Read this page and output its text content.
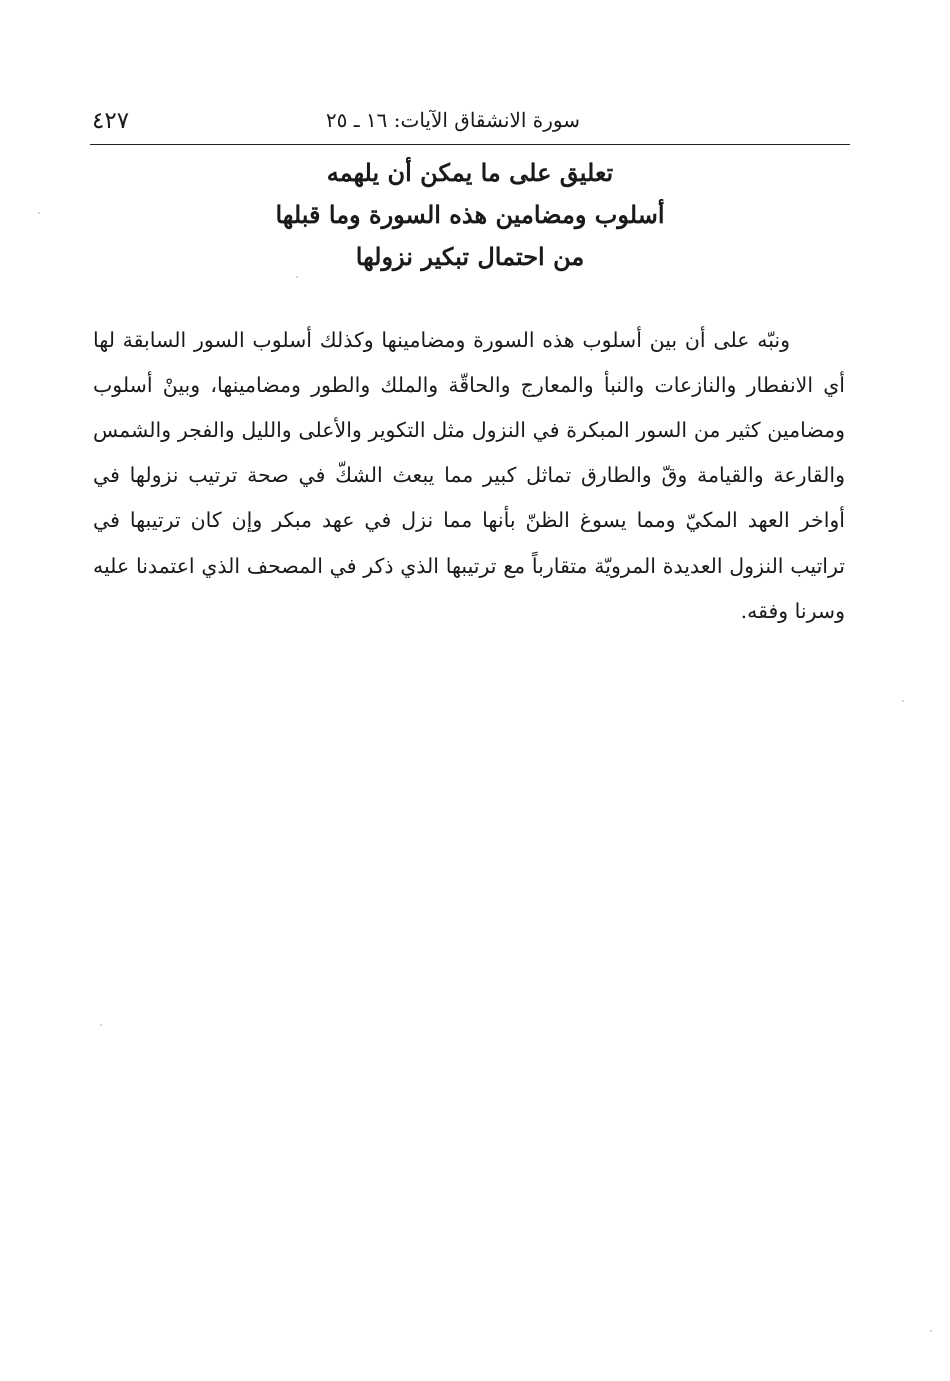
سورة الانشقاق الآيات: ١٦ ـ ٢٥
٤٢٧
تعليق على ما يمكن أن يلهمه
أسلوب ومضامين هذه السورة وما قبلها
من احتمال تبكير نزولها

ونبّه على أن بين أسلوب هذه السورة ومضامينها وكذلك أسلوب السور السابقة لها أي الانفطار والنازعات والنبأ والمعارج والحاقّة والملك والطور ومضامينها، وبينْ أسلوب ومضامين كثير من السور المبكرة في النزول مثل التكوير والأعلى والليل والفجر والشمس والقارعة والقيامة وقّ والطارق تماثل كبير مما يبعث الشكّ في صحة ترتيب نزولها في أواخر العهد المكيّ ومما يسوغ الظنّ بأنها مما نزل في عهد مبكر وإن كان ترتيبها في تراتيب النزول العديدة المرويّة متقارباً مع ترتيبها الذي ذكر في المصحف الذي اعتمدنا عليه وسرنا وفقه.
